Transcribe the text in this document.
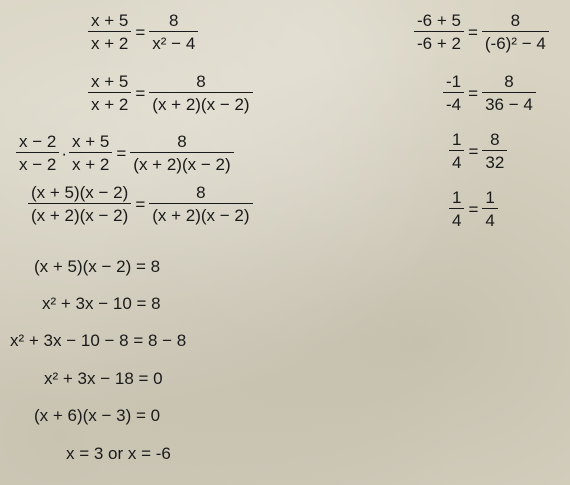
$\frac{x + 5}{x + 2} = \frac{8}{\text{x² − 4}}$
$\frac{x + 5}{x + 2} = \frac{8}{(x + 2)(x - 2)}$
$\frac{x - 2}{x - 2} \cdot \frac{x + 5}{x + 2} = \frac{8}{(x + 2)(x - 2)}$
$\frac{(x + 5)(x - 2)}{(x + 2)(x - 2)} = \frac{8}{(x + 2)(x - 2)}$
(x + 5)(x − 2) = 8
x² + 3x − 10 = 8
x² + 3x − 10 − 8 = 8 − 8
x² + 3x − 18 = 0
(x + 6)(x − 3) = 0
x = 3 or x = -6
$\frac{-6 + 5}{-6 + 2} = \frac{8}{\text{(-6)² − 4}}$
$\frac{-1}{-4} = \frac{8}{36 - 4}$
$\frac{1}{4} = \frac{8}{32}$
$\frac{1}{4} = \frac{1}{4}$
